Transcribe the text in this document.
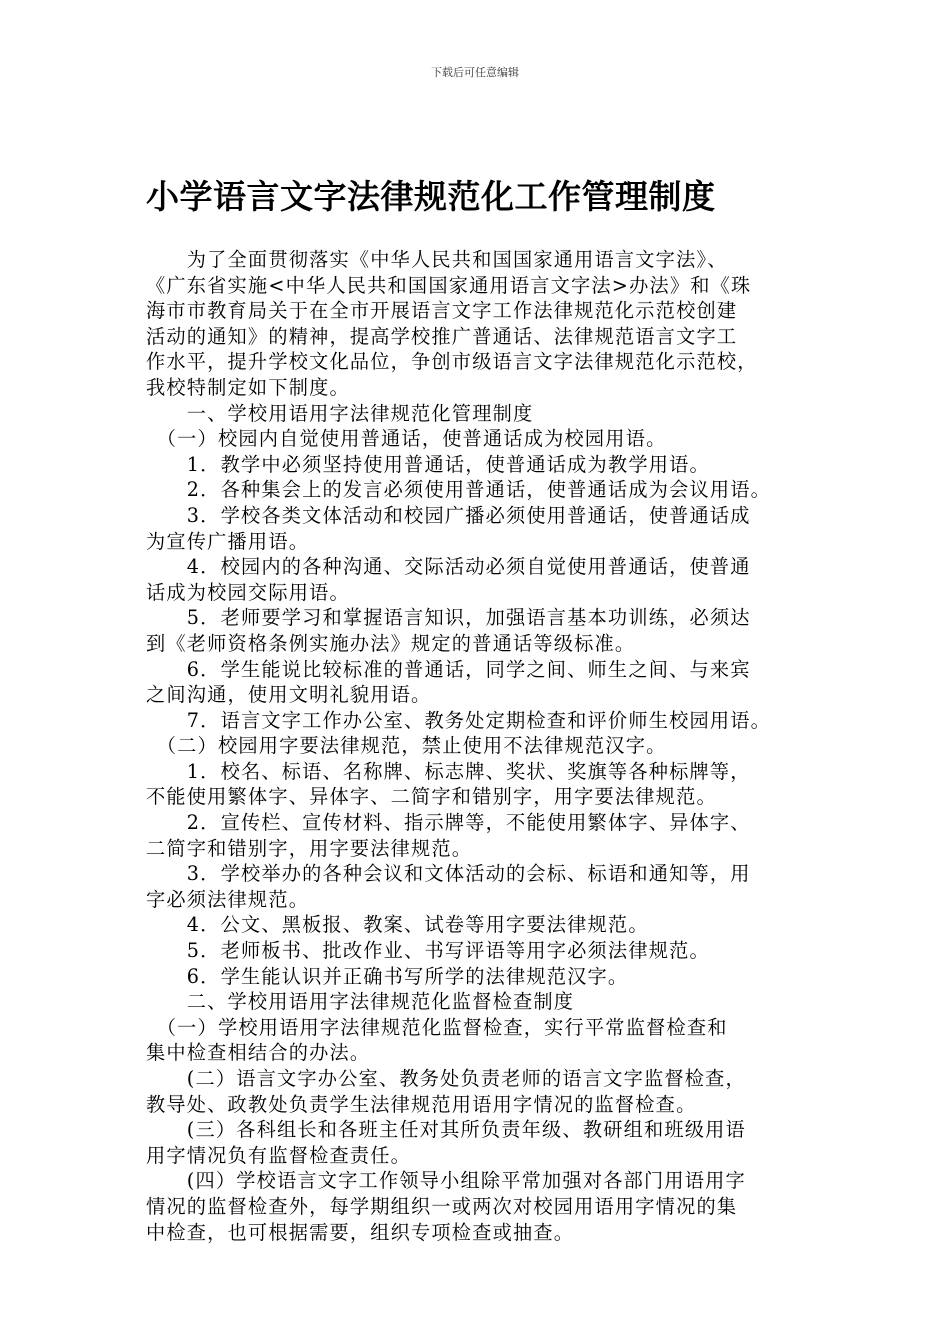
下载后可任意编辑
小学语言文字法律规范化工作管理制度

　　为了全面贯彻落实《中华人民共和国国家通用语言文字法》、

《广东省实施<中华人民共和国国家通用语言文字法>办法》和《珠

海市市教育局关于在全市开展语言文字工作法律规范化示范校创建

活动的通知》的精神，提高学校推广普通话、法律规范语言文字工

作水平，提升学校文化品位，争创市级语言文字法律规范化示范校，

我校特制定如下制度。

　　一、学校用语用字法律规范化管理制度

　（一）校园内自觉使用普通话，使普通话成为校园用语。

　　1．教学中必须坚持使用普通话，使普通话成为教学用语。

　　2．各种集会上的发言必须使用普通话，使普通话成为会议用语。

　　3．学校各类文体活动和校园广播必须使用普通话，使普通话成

为宣传广播用语。

　　4．校园内的各种沟通、交际活动必须自觉使用普通话，使普通

话成为校园交际用语。

　　5．老师要学习和掌握语言知识，加强语言基本功训练，必须达

到《老师资格条例实施办法》规定的普通话等级标准。

　　6．学生能说比较标准的普通话，同学之间、师生之间、与来宾

之间沟通，使用文明礼貌用语。

　　7．语言文字工作办公室、教务处定期检查和评价师生校园用语。

　（二）校园用字要法律规范，禁止使用不法律规范汉字。

　　1．校名、标语、名称牌、标志牌、奖状、奖旗等各种标牌等，

不能使用繁体字、异体字、二简字和错别字，用字要法律规范。

　　2．宣传栏、宣传材料、指示牌等，不能使用繁体字、异体字、

二简字和错别字，用字要法律规范。

　　3．学校举办的各种会议和文体活动的会标、标语和通知等，用

字必须法律规范。

　　4．公文、黑板报、教案、试卷等用字要法律规范。

　　5．老师板书、批改作业、书写评语等用字必须法律规范。

　　6．学生能认识并正确书写所学的法律规范汉字。

　　二、学校用语用字法律规范化监督检查制度

　（一）学校用语用字法律规范化监督检查，实行平常监督检查和

集中检查相结合的办法。

　　(二）语言文字办公室、教务处负责老师的语言文字监督检查，

教导处、政教处负责学生法律规范用语用字情况的监督检查。

　　(三）各科组长和各班主任对其所负责年级、教研组和班级用语

用字情况负有监督检查责任。

　　(四）学校语言文字工作领导小组除平常加强对各部门用语用字

情况的监督检查外，每学期组织一或两次对校园用语用字情况的集

中检查，也可根据需要，组织专项检查或抽查。
